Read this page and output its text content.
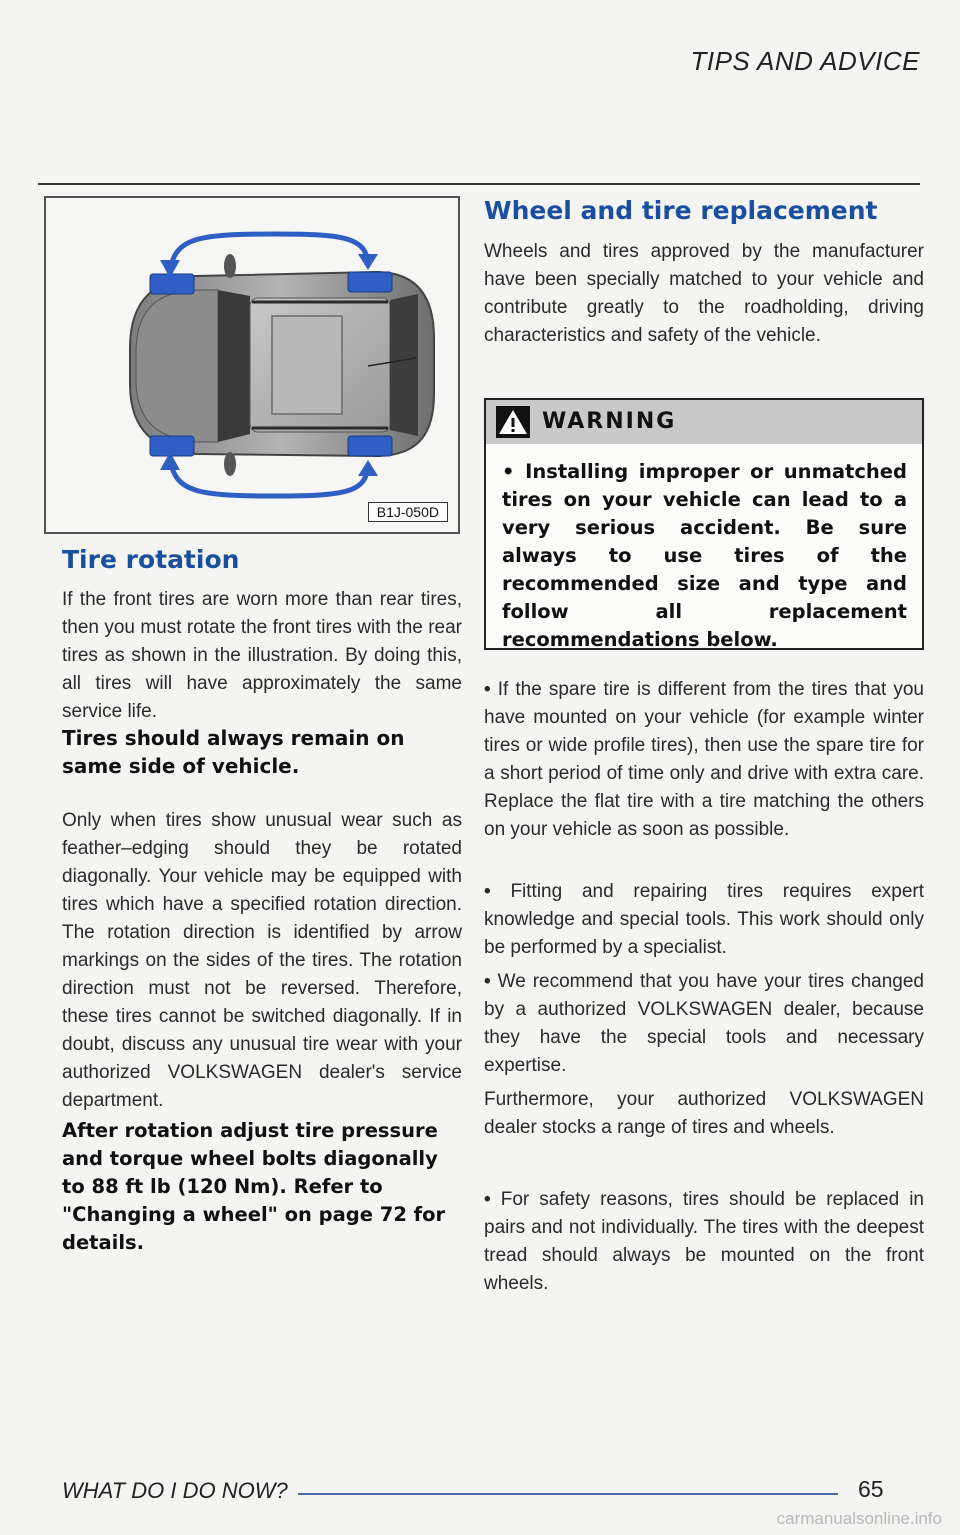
TIPS AND ADVICE
B1J-050D
Tire rotation
If the front tires are worn more than rear tires, then you must rotate the front tires with the rear tires as shown in the illustration. By doing this, all tires will have approximately the same service life.
Tires should always remain on same side of vehicle.
Only when tires show unusual wear such as feather–edging should they be rotated diagonally. Your vehicle may be equipped with tires which have a specified rotation direction. The rotation direction is identified by arrow markings on the sides of the tires. The rotation direction must not be reversed. Therefore, these tires cannot be switched diagonally. If in doubt, discuss any unusual tire wear with your authorized VOLKSWAGEN dealer's service department.
After rotation adjust tire pressure and torque wheel bolts diagonally to 88 ft lb (120 Nm). Refer to "Changing a wheel" on page 72 for details.
Wheel and tire replacement
Wheels and tires approved by the manufacturer have been specially matched to your vehicle and contribute greatly to the roadholding, driving characteristics and safety of the vehicle.
WARNING
• Installing improper or unmatched tires on your vehicle can lead to a very serious accident. Be sure always to use tires of the recommended size and type and follow all replacement recommendations below.
• If the spare tire is different from the tires that you have mounted on your vehicle (for example winter tires or wide profile tires), then use the spare tire for a short period of time only and drive with extra care. Replace the flat tire with a tire matching the others on your vehicle as soon as possible.
• Fitting and repairing tires requires expert knowledge and special tools. This work should only be performed by a specialist.
• We recommend that you have your tires changed by a authorized VOLKSWAGEN dealer, because they have the special tools and necessary expertise.
Furthermore, your authorized VOLKSWAGEN dealer stocks a range of tires and wheels.
• For safety reasons, tires should be replaced in pairs and not individually. The tires with the deepest tread should always be mounted on the front wheels.
WHAT DO I DO NOW?	65
carmanualsonline.info
